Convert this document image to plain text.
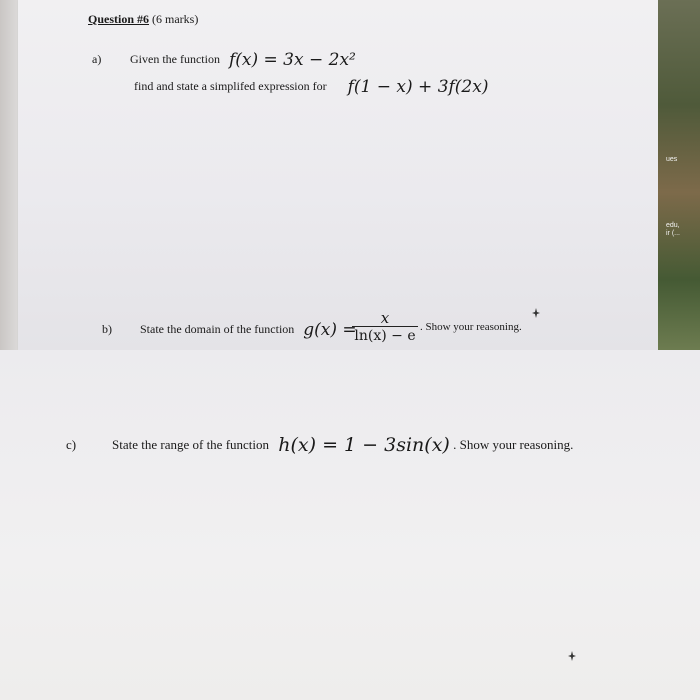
ues
edu,
ir (...
Question #6 (6 marks)
a) Given the function f(x) = 3x − 2x²
find and state a simplifed expression for f(1 − x) + 3f(2x)
b) State the domain of the function g(x) =
x
ln(x) − e
. Show your reasoning.
c)	State the range of the function h(x) = 1 − 3sin(x) . Show your reasoning.
